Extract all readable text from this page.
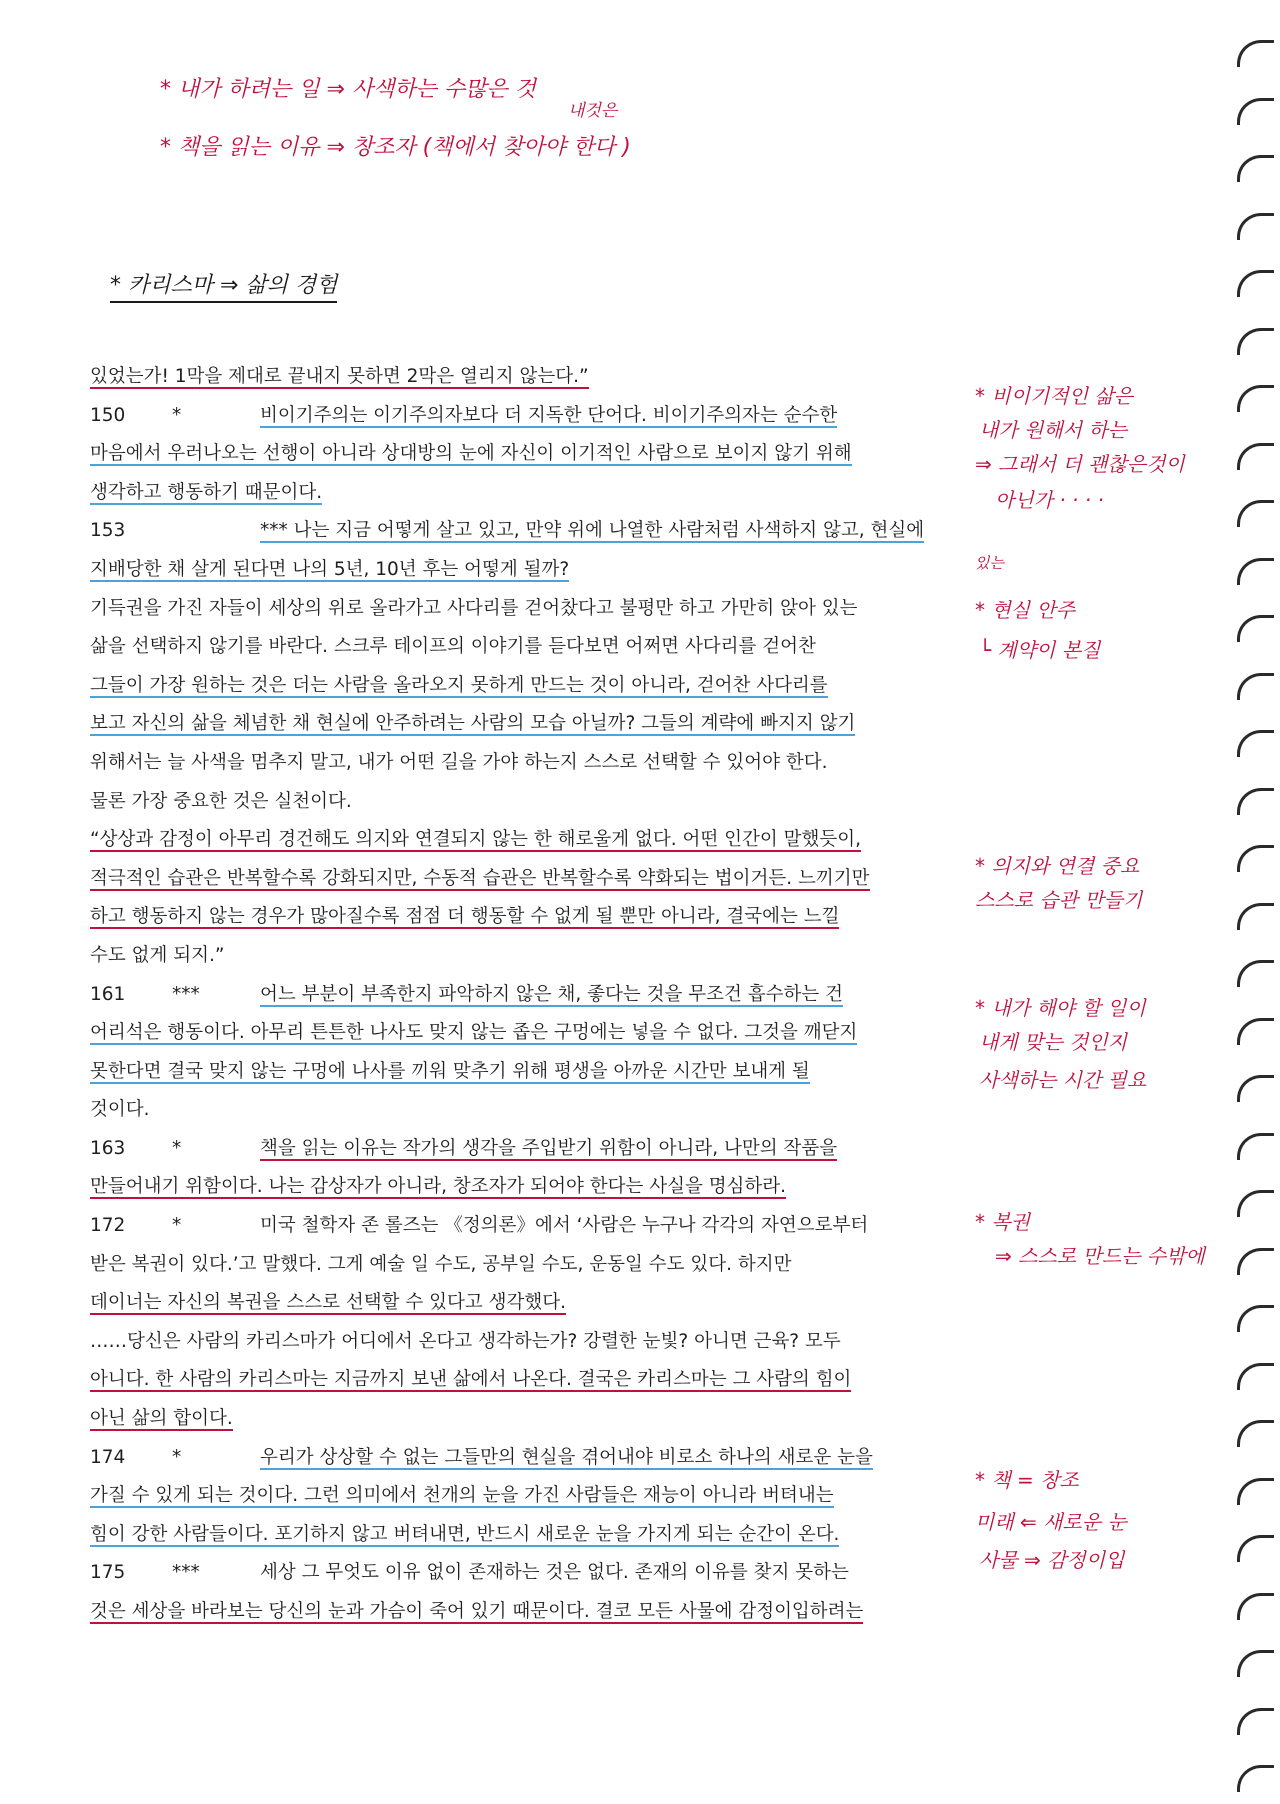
* 내가 하려는 일 ⇒ 사색하는 수많은 것
내것은
* 책을 읽는 이유 ⇒ 창조자 (책에서 찾아야 한다 )
* 카리스마 ⇒ 삶의 경험
있었는가! 1막을 제대로 끝내지 못하면 2막은 열리지 않는다.”
150	*	비이기주의는 이기주의자보다 더 지독한 단어다. 비이기주의자는 순수한
마음에서 우러나오는 선행이 아니라 상대방의 눈에 자신이 이기적인 사람으로 보이지 않기 위해
생각하고 행동하기 때문이다.
153	*** 나는 지금 어떻게 살고 있고, 만약 위에 나열한 사람처럼 사색하지 않고, 현실에
지배당한 채 살게 된다면 나의 5년, 10년 후는 어떻게 될까?
기득권을 가진 자들이 세상의 위로 올라가고 사다리를 걷어찼다고 불평만 하고 가만히 앉아 있는
삶을 선택하지 않기를 바란다. 스크루 테이프의 이야기를 듣다보면 어쩌면 사다리를 걷어찬
그들이 가장 원하는 것은 더는 사람을 올라오지 못하게 만드는 것이 아니라, 걷어찬 사다리를
보고 자신의 삶을 체념한 채 현실에 안주하려는 사람의 모습 아닐까? 그들의 계략에 빠지지 않기
위해서는 늘 사색을 멈추지 말고, 내가 어떤 길을 가야 하는지 스스로 선택할 수 있어야 한다.
물론 가장 중요한 것은 실천이다.
“상상과 감정이 아무리 경건해도 의지와 연결되지 않는 한 해로울게 없다. 어떤 인간이 말했듯이,
적극적인 습관은 반복할수록 강화되지만, 수동적 습관은 반복할수록 약화되는 법이거든. 느끼기만
하고 행동하지 않는 경우가 많아질수록 점점 더 행동할 수 없게 될 뿐만 아니라, 결국에는 느낄
수도 없게 되지.”
161	***	어느 부분이 부족한지 파악하지 않은 채, 좋다는 것을 무조건 흡수하는 건
어리석은 행동이다. 아무리 튼튼한 나사도 맞지 않는 좁은 구멍에는 넣을 수 없다. 그것을 깨닫지
못한다면 결국 맞지 않는 구멍에 나사를 끼워 맞추기 위해 평생을 아까운 시간만 보내게 될
것이다.
163	*	책을 읽는 이유는 작가의 생각을 주입받기 위함이 아니라, 나만의 작품을
만들어내기 위함이다. 나는 감상자가 아니라, 창조자가 되어야 한다는 사실을 명심하라.
172	*	미국 철학자 존 롤즈는 《정의론》에서 ‘사람은 누구나 각각의 자연으로부터
받은 복권이 있다.’고 말했다. 그게 예술 일 수도, 공부일 수도, 운동일 수도 있다. 하지만
데이너는 자신의 복권을 스스로 선택할 수 있다고 생각했다.
……당신은 사람의 카리스마가 어디에서 온다고 생각하는가? 강렬한 눈빛? 아니면 근육? 모두
아니다. 한 사람의 카리스마는 지금까지 보낸 삶에서 나온다. 결국은 카리스마는 그 사람의 힘이
아닌 삶의 합이다.
174	*	우리가 상상할 수 없는 그들만의 현실을 겪어내야 비로소 하나의 새로운 눈을
가질 수 있게 되는 것이다. 그런 의미에서 천개의 눈을 가진 사람들은 재능이 아니라 버텨내는
힘이 강한 사람들이다. 포기하지 않고 버텨내면, 반드시 새로운 눈을 가지게 되는 순간이 온다.
175	***	세상 그 무엇도 이유 없이 존재하는 것은 없다. 존재의 이유를 찾지 못하는
것은 세상을 바라보는 당신의 눈과 가슴이 죽어 있기 때문이다. 결코 모든 사물에 감정이입하려는
* 비이기적인 삶은
내가 원해서 하는
⇒ 그래서 더 괜찮은것이
아닌가 · · · ·
있는
* 현실 안주
└ 계약이 본질
* 의지와 연결 중요
스스로 습관 만들기
* 내가 해야 할 일이
내게 맞는 것인지
사색하는 시간 필요
* 복권
⇒ 스스로 만드는 수밖에
* 책 = 창조
미래 ⇐ 새로운 눈
사물 ⇒ 감정이입
